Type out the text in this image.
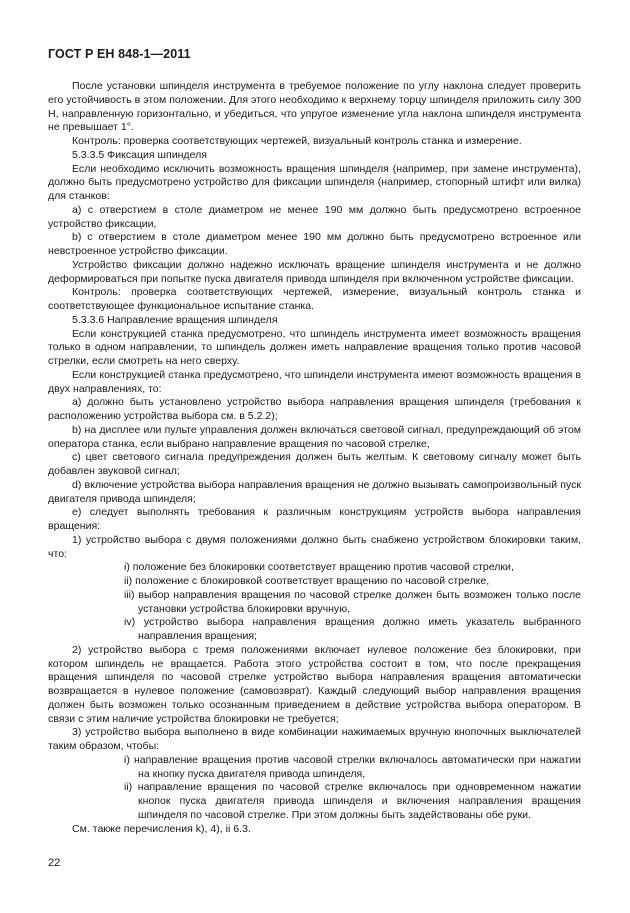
ГОСТ Р ЕН 848-1—2011

После установки шпинделя инструмента в требуемое положение по углу наклона следует проверить его устойчивость в этом положении. Для этого необходимо к верхнему торцу шпинделя приложить силу 300 Н, направленную горизонтально, и убедиться, что упругое изменение угла наклона шпинделя инструмента не превышает 1°.

Контроль: проверка соответствующих чертежей, визуальный контроль станка и измерение.

5.3.3.5 Фиксация шпинделя

Если необходимо исключить возможность вращения шпинделя (например, при замене инструмента), должно быть предусмотрено устройство для фиксации шпинделя (например, стопорный штифт или вилка) для станков:

a) с отверстием в столе диаметром не менее 190 мм должно быть предусмотрено встроенное устройство фиксации,

b) с отверстием в столе диаметром менее 190 мм должно быть предусмотрено встроенное или невстроенное устройство фиксации.

Устройство фиксации должно надежно исключать вращение шпинделя инструмента и не должно деформироваться при попытке пуска двигателя привода шпинделя при включенном устройстве фиксации.

Контроль: проверка соответствующих чертежей, измерение, визуальный контроль станка и соответствующее функциональное испытание станка.

5.3.3.6 Направление вращения шпинделя

Если конструкцией станка предусмотрено, что шпиндель инструмента имеет возможность вращения только в одном направлении, то шпиндель должен иметь направление вращения только против часовой стрелки, если смотреть на него сверху.

Если конструкцией станка предусмотрено, что шпиндели инструмента имеют возможность вращения в двух направлениях, то:

a) должно быть установлено устройство выбора направления вращения шпинделя (требования к расположению устройства выбора см. в 5.2.2);

b) на дисплее или пульте управления должен включаться световой сигнал, предупреждающий об этом оператора станка, если выбрано направление вращения по часовой стрелке,

c) цвет светового сигнала предупреждения должен быть желтым. К световому сигналу может быть добавлен звуковой сигнал;

d) включение устройства выбора направления вращения не должно вызывать самопроизвольный пуск двигателя привода шпинделя;

e) следует выполнять требования к различным конструкциям устройств выбора направления вращения:

1) устройство выбора с двумя положениями должно быть снабжено устройством блокировки таким, что:

i) положение без блокировки соответствует вращению против часовой стрелки,

ii) положение с блокировкой соответствует вращению по часовой стрелке,

iii) выбор направления вращения по часовой стрелке должен быть возможен только после установки устройства блокировки вручную,

iv) устройство выбора направления вращения должно иметь указатель выбранного направления вращения;

2) устройство выбора с тремя положениями включает нулевое положение без блокировки, при котором шпиндель не вращается. Работа этого устройства состоит в том, что после прекращения вращения шпинделя по часовой стрелке устройство выбора направления вращения автоматически возвращается в нулевое положение (самовозврат). Каждый следующий выбор направления вращения должен быть возможен только осознанным приведением в действие устройства выбора оператором. В связи с этим наличие устройства блокировки не требуется;

3) устройство выбора выполнено в виде комбинации нажимаемых вручную кнопочных выключателей таким образом, чтобы:

i) направление вращения против часовой стрелки включалось автоматически при нажатии на кнопку пуска двигателя привода шпинделя,

ii) направление вращения по часовой стрелке включалось при одновременном нажатии кнопок пуска двигателя привода шпинделя и включения направления вращения шпинделя по часовой стрелке. При этом должны быть задействованы обе руки.

См. также перечисления k), 4), ii 6.3.

22
